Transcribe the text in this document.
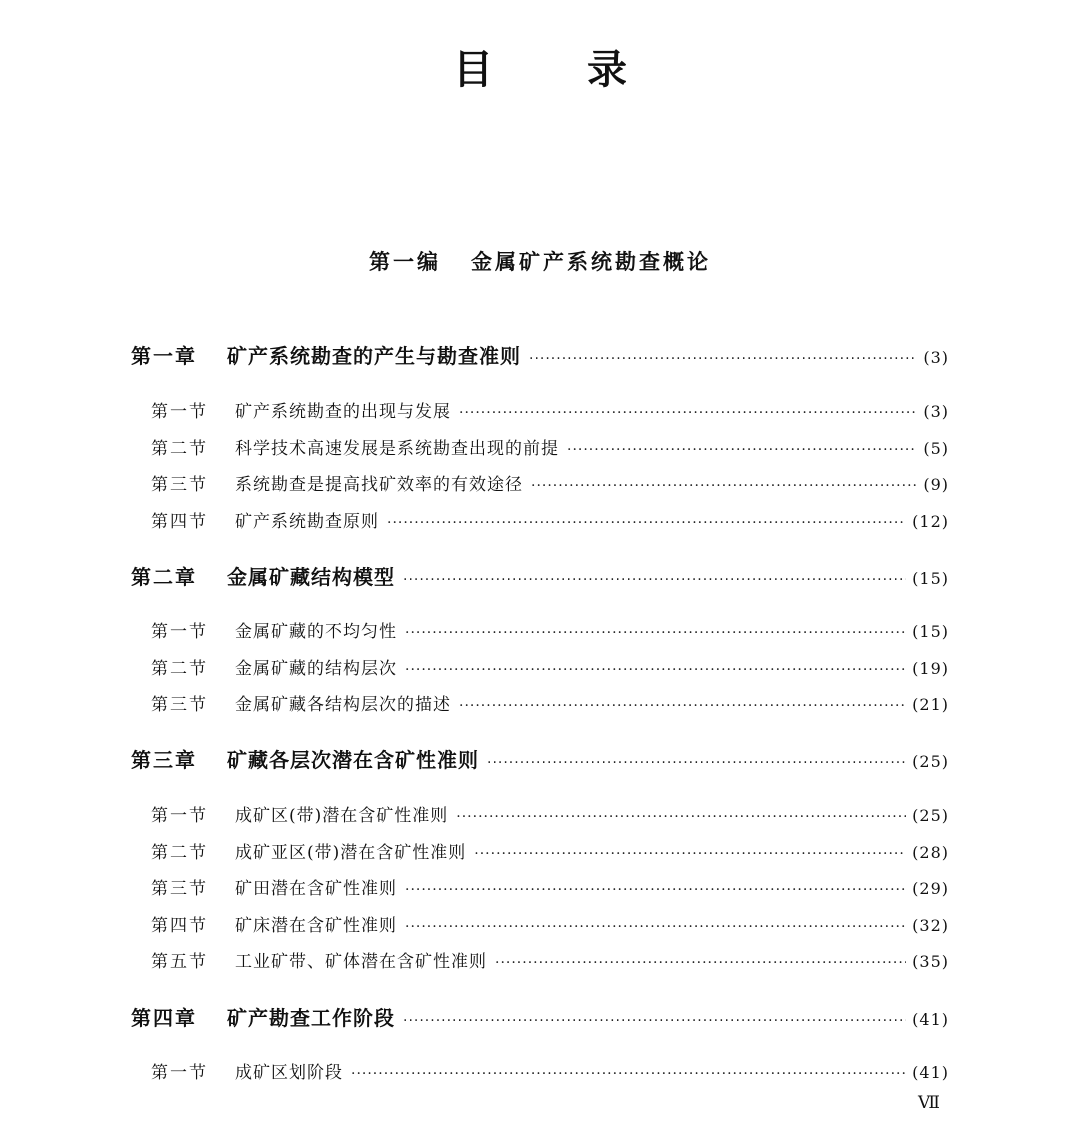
目 录
第一编 金属矿产系统勘查概论
第一章	矿产系统勘查的产生与勘查准则 ·····	(3)
第一节	矿产系统勘查的出现与发展 ·····	(3)
第二节	科学技术高速发展是系统勘查出现的前提 ·····	(5)
第三节	系统勘查是提高找矿效率的有效途径 ·····	(9)
第四节	矿产系统勘查原则 ·····	(12)
第二章	金属矿藏结构模型 ·····	(15)
第一节	金属矿藏的不均匀性 ·····	(15)
第二节	金属矿藏的结构层次 ·····	(19)
第三节	金属矿藏各结构层次的描述 ·····	(21)
第三章	矿藏各层次潜在含矿性准则 ·····	(25)
第一节	成矿区(带)潜在含矿性准则 ·····	(25)
第二节	成矿亚区(带)潜在含矿性准则 ·····	(28)
第三节	矿田潜在含矿性准则 ·····	(29)
第四节	矿床潜在含矿性准则 ·····	(32)
第五节	工业矿带、矿体潜在含矿性准则 ·····	(35)
第四章	矿产勘查工作阶段 ·····	(41)
第一节	成矿区划阶段 ·····	(41)
Ⅶ
